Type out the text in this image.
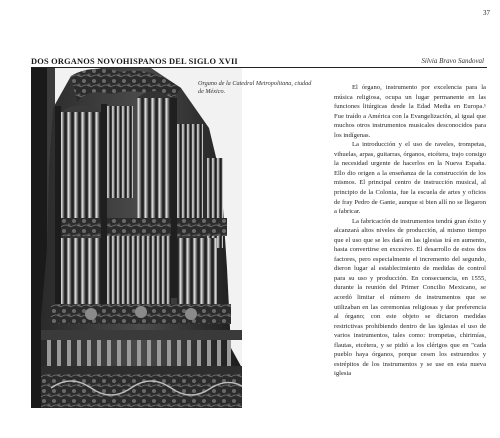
37
DOS ORGANOS NOVOHISPANOS DEL SIGLO XVII	Silvia Bravo Sandoval
Organo de la Catedral Metropolitana, ciudad
de México.

El órgano, instrumento por excelencia para la música religiosa, ocupa un lugar permanente en las funciones litúrgicas desde la Edad Media en Europa.¹ Fue traído a América con la Evangelización, al igual que muchos otros instrumentos musicales desconocidos para los indígenas.

La introducción y el uso de raveles, trompetas, vihuelas, arpas, guitarras, órganos, etcétera, trajo consigo la necesidad urgente de hacerlos en la Nueva España. Ello dio origen a la enseñanza de la construcción de los mismos. El principal centro de instrucción musical, al principio de la Colonia, fue la escuela de artes y oficios de fray Pedro de Gante, aunque si bien allí no se llegaron a fabricar.

La fabricación de instrumentos tendrá gran éxito y alcanzará altos niveles de producción, al mismo tiempo que el uso que se les dará en las iglesias irá en aumento, hasta convertirse en excesivo. El desarrollo de estos dos factores, pero especialmente el incremento del segundo, dieron lugar al establecimiento de medidas de control para su uso y producción. En consecuencia, en 1555, durante la reunión del Primer Concilio Mexicano, se acordó limitar el número de instrumentos que se utilizaban en las ceremonias religiosas y dar preferencia al órgano; con este objeto se dictaron medidas restrictivas prohibiendo dentro de las iglesias el uso de varios instrumentos, tales como: trompetas, chirimías, flautas, etcétera, y se pidió a los clérigos que en "cada pueblo haya órganos, porque cesen los estruendos y estrépitos de los instrumentos y se use en esta nueva iglesia
